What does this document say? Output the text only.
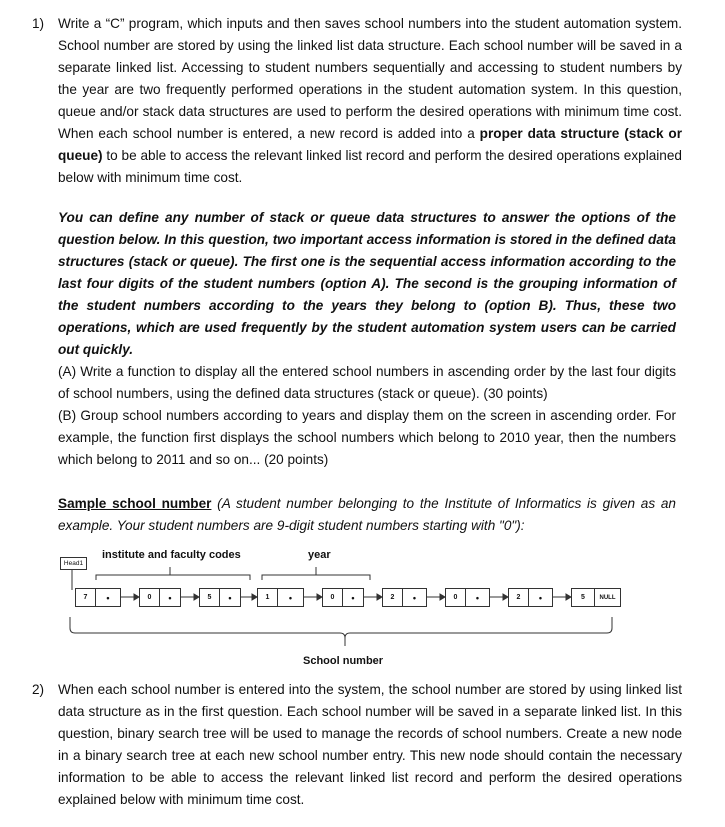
1)	Write a “C” program, which inputs and then saves school numbers into the student automation system. School number are stored by using the linked list data structure. Each school number will be saved in a separate linked list. Accessing to student numbers sequentially and accessing to student numbers by the year are two frequently performed operations in the student automation system. In this question, queue and/or stack data structures are used to perform the desired operations with minimum time cost. When each school number is entered, a new record is added into a proper data structure (stack or queue) to be able to access the relevant linked list record and perform the desired operations explained below with minimum time cost.

You can define any number of stack or queue data structures to answer the options of the question below. In this question, two important access information is stored in the defined data structures (stack or queue). The first one is the sequential access information according to the last four digits of the student numbers (option A). The second is the grouping information of the student numbers according to the years they belong to (option B). Thus, these two operations, which are used frequently by the student automation system users can be carried out quickly.

(A) Write a function to display all the entered school numbers in ascending order by the last four digits of school numbers, using the defined data structures (stack or queue). (30 points)

(B) Group school numbers according to years and display them on the screen in ascending order. For example, the function first displays the school numbers which belong to 2010 year, then the numbers which belong to 2011 and so on... (20 points)

Sample school number (A student number belonging to the Institute of Informatics is given as an example. Your student numbers are 9-digit student numbers starting with "0"):

Head1
institute and faculty codes	year
7	•	0	•	5	•	1	•	0	•	2	•	0	•	2	•	5	NULL
School number
2)	When each school number is entered into the system, the school number are stored by using linked list data structure as in the first question. Each school number will be saved in a separate linked list. In this question, binary search tree will be used to manage the records of school numbers. Create a new node in a binary search tree at each new school number entry. This new node should contain the necessary information to be able to access the relevant linked list record and perform the desired operations explained below with minimum time cost.
